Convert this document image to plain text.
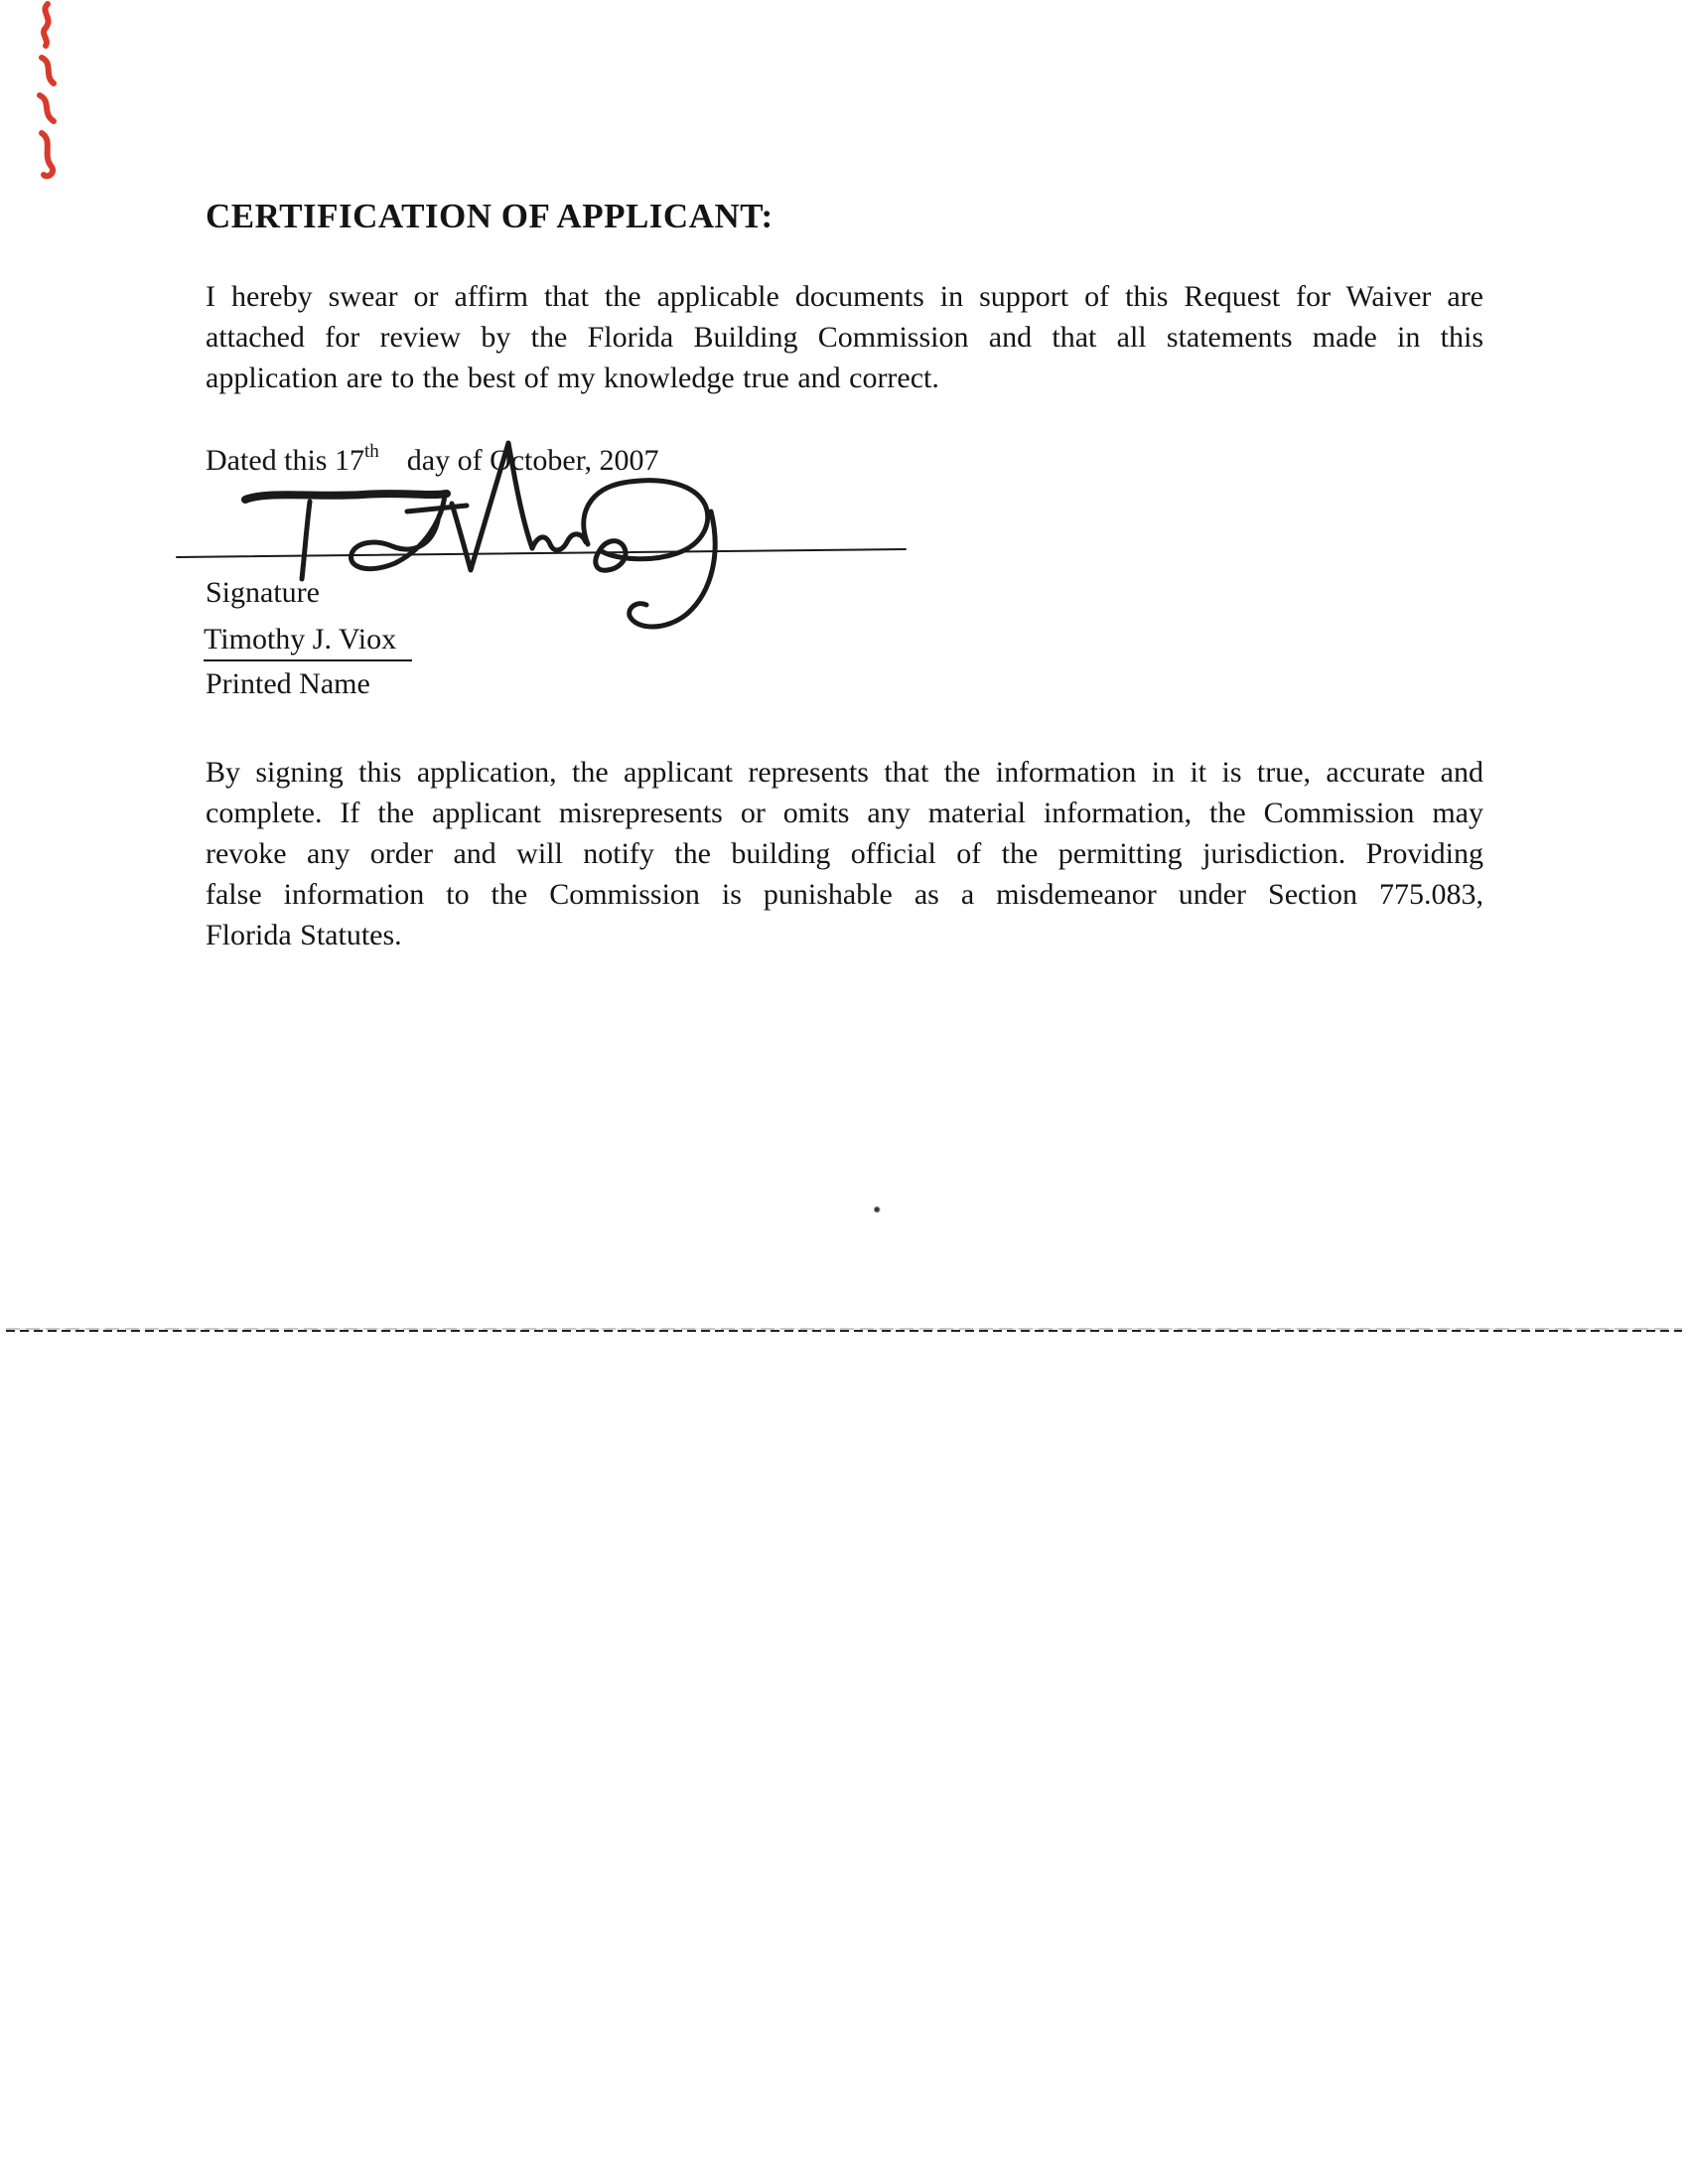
CERTIFICATION OF APPLICANT:
I hereby swear or affirm that the applicable documents in support of this Request for Waiver are
attached for review by the Florida Building Commission and that all statements made in this
application are to the best of my knowledge true and correct.
Dated this 17th day of October, 2007
Signature
Timothy J. Viox
Printed Name
By signing this application, the applicant represents that the information in it is true, accurate and
complete. If the applicant misrepresents or omits any material information, the Commission may
revoke any order and will notify the building official of the permitting jurisdiction. Providing
false information to the Commission is punishable as a misdemeanor under Section 775.083,
Florida Statutes.
